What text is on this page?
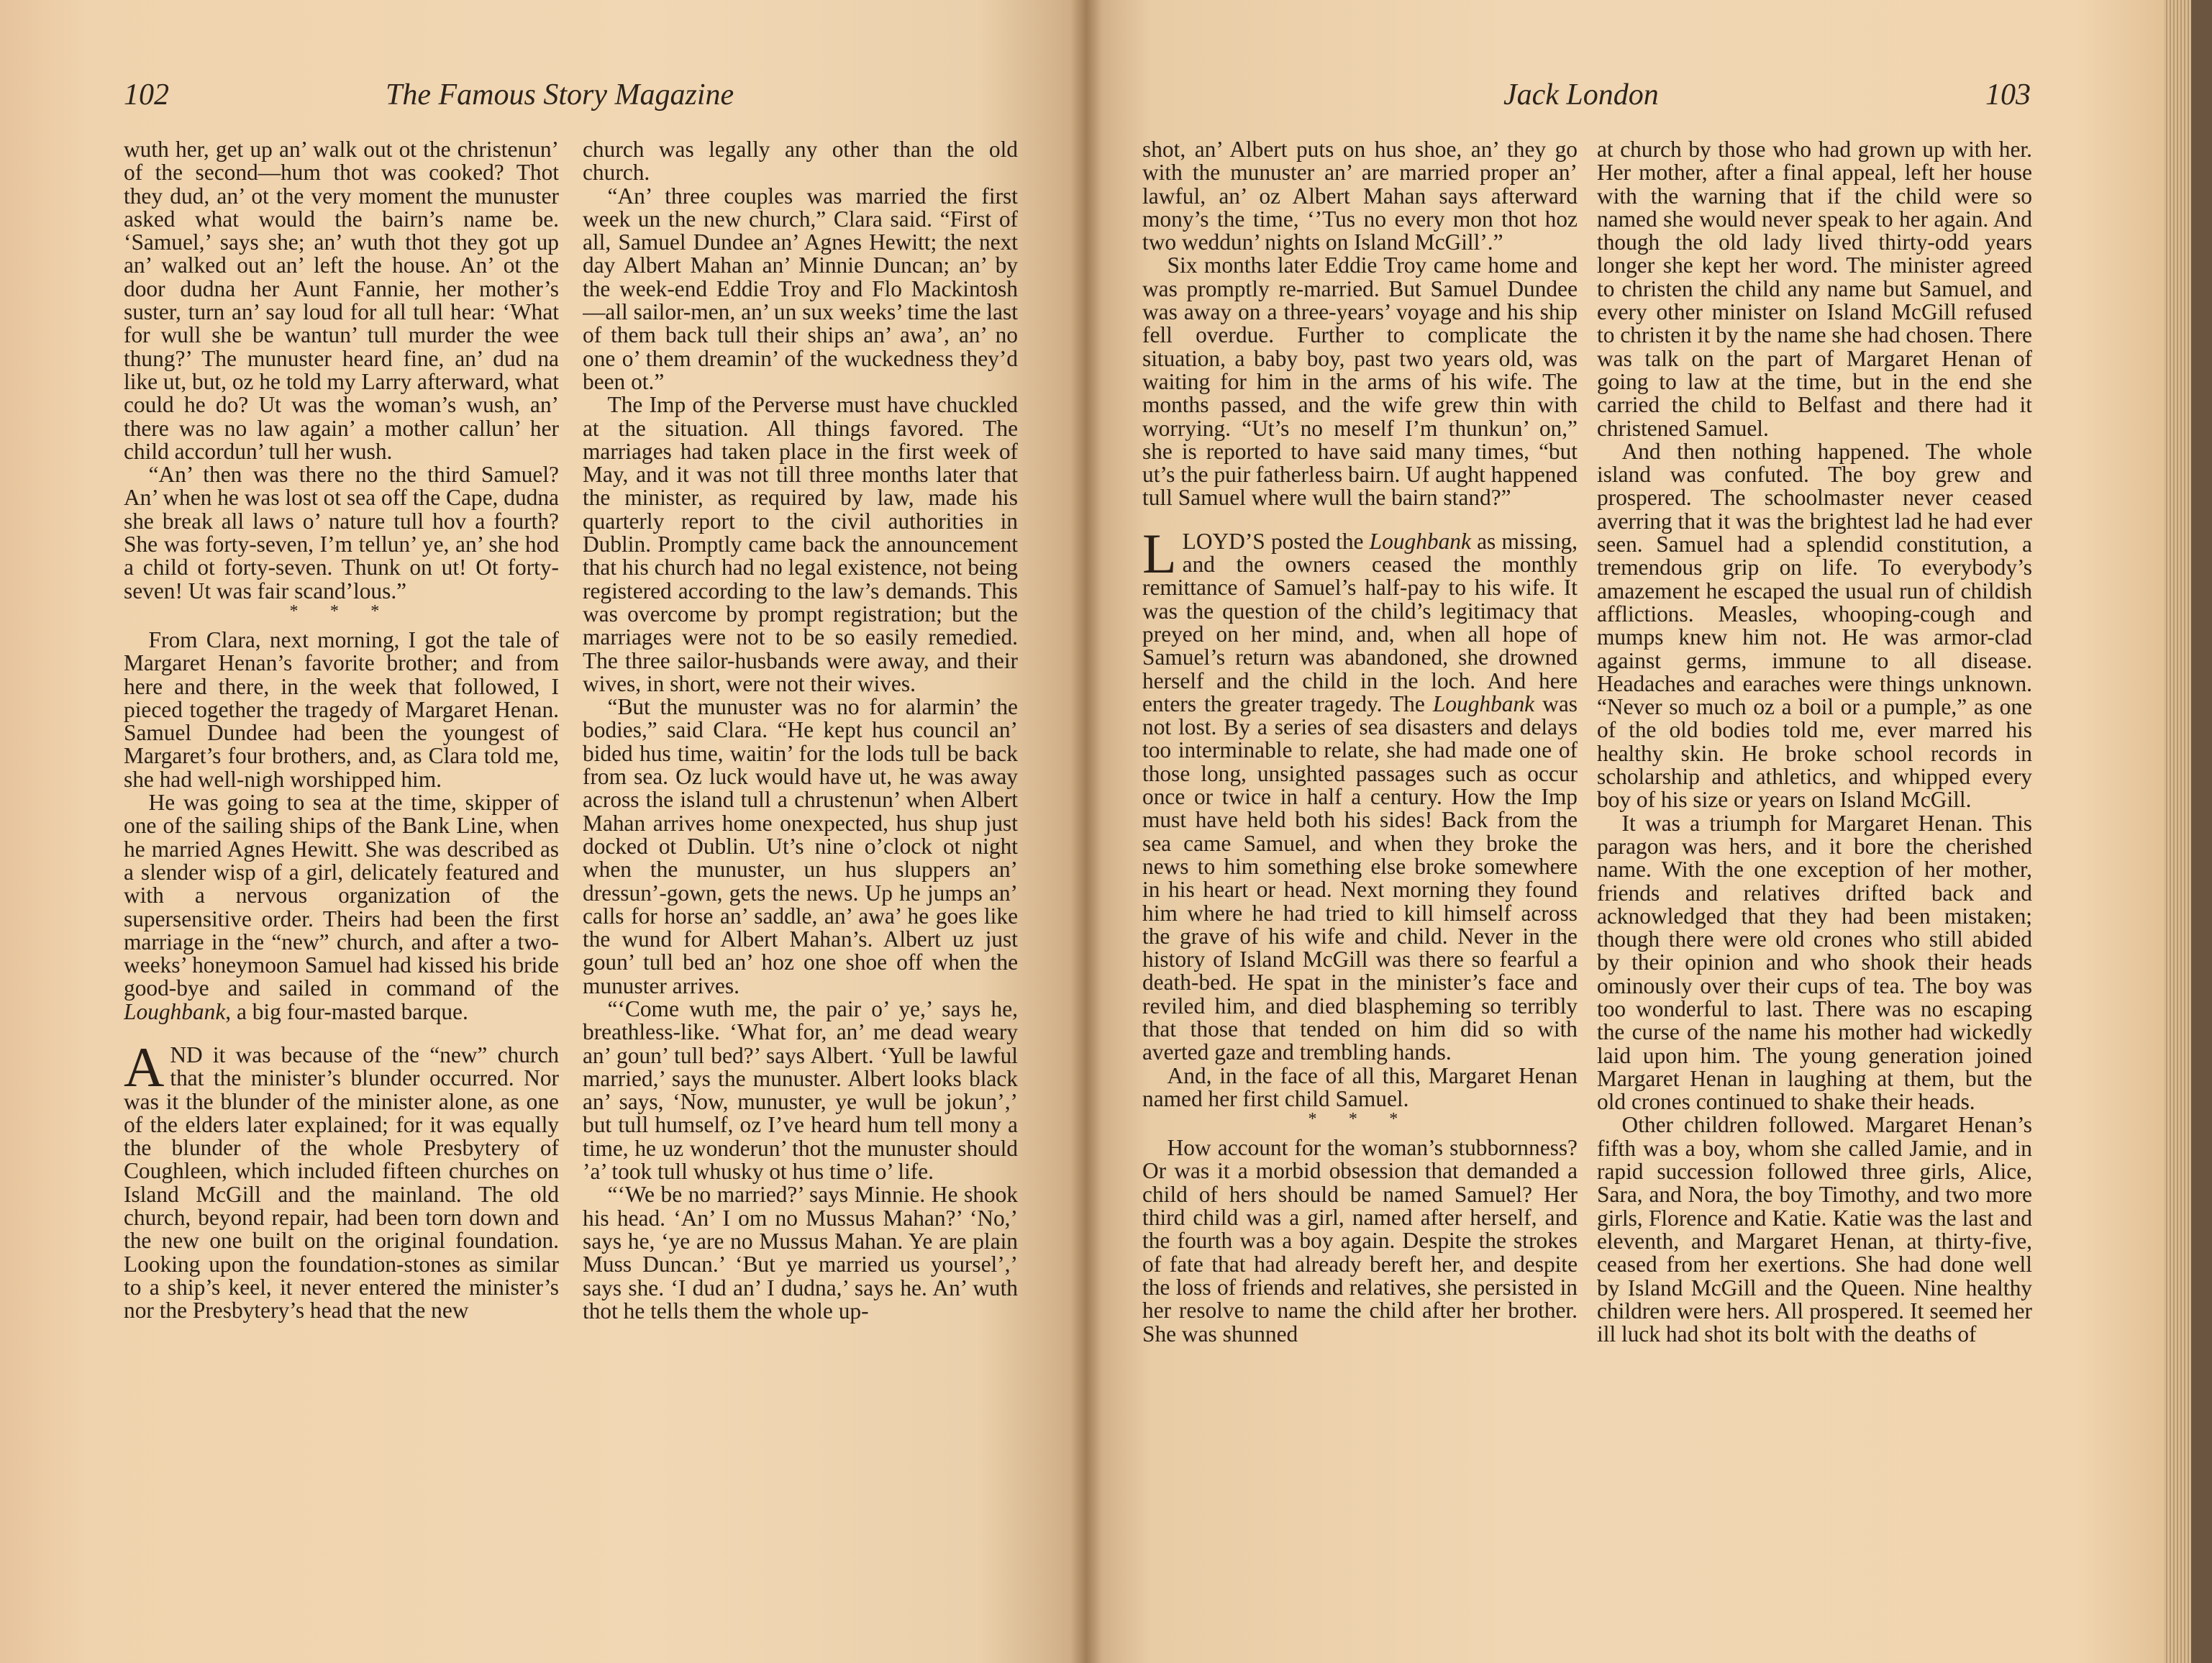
102	The Famous Story Magazine

wuth her, get up an’ walk out ot the christenun’ of the second—hum thot was cooked? Thot they dud, an’ ot the very moment the munuster asked what would the bairn’s name be. ‘Samuel,’ says she; an’ wuth thot they got up an’ walked out an’ left the house. An’ ot the door dudna her Aunt Fannie, her mother’s suster, turn an’ say loud for all tull hear: ‘What for wull she be wantun’ tull murder the wee thung?’ The munuster heard fine, an’ dud na like ut, but, oz he told my Larry afterward, what could he do? Ut was the woman’s wush, an’ there was no law again’ a mother callun’ her child accordun’ tull her wush.

“An’ then was there no the third Samuel? An’ when he was lost ot sea off the Cape, dudna she break all laws o’ nature tull hov a fourth? She was forty-seven, I’m tellun’ ye, an’ she hod a child ot forty-seven. Thunk on ut! Ot forty-seven! Ut was fair scand’lous.”

* * *

From Clara, next morning, I got the tale of Margaret Henan’s favorite brother; and from here and there, in the week that followed, I pieced together the tragedy of Margaret Henan. Samuel Dundee had been the youngest of Margaret’s four brothers, and, as Clara told me, she had well-nigh worshipped him.

He was going to sea at the time, skipper of one of the sailing ships of the Bank Line, when he married Agnes Hewitt. She was described as a slender wisp of a girl, delicately featured and with a nervous organization of the supersensitive order. Theirs had been the first marriage in the “new” church, and after a two-weeks’ honeymoon Samuel had kissed his bride good-bye and sailed in command of the Loughbank, a big four-masted barque.

AND it was because of the “new” church that the minister’s blunder occurred. Nor was it the blunder of the minister alone, as one of the elders later explained; for it was equally the blunder of the whole Presbytery of Coughleen, which included fifteen churches on Island McGill and the mainland. The old church, beyond repair, had been torn down and the new one built on the original foundation. Looking upon the foundation-stones as similar to a ship’s keel, it never entered the minister’s nor the Presbytery’s head that the new

church was legally any other than the old church.

“An’ three couples was married the first week un the new church,” Clara said. “First of all, Samuel Dundee an’ Agnes Hewitt; the next day Albert Mahan an’ Minnie Duncan; an’ by the week-end Eddie Troy and Flo Mackintosh—all sailor-men, an’ un sux weeks’ time the last of them back tull their ships an’ awa’, an’ no one o’ them dreamin’ of the wuckedness they’d been ot.”

The Imp of the Perverse must have chuckled at the situation. All things favored. The marriages had taken place in the first week of May, and it was not till three months later that the minister, as required by law, made his quarterly report to the civil authorities in Dublin. Promptly came back the announcement that his church had no legal existence, not being registered according to the law’s demands. This was overcome by prompt registration; but the marriages were not to be so easily remedied. The three sailor-husbands were away, and their wives, in short, were not their wives.

“But the munuster was no for alarmin’ the bodies,” said Clara. “He kept hus council an’ bided hus time, waitin’ for the lods tull be back from sea. Oz luck would have ut, he was away across the island tull a chrustenun’ when Albert Mahan arrives home onexpected, hus shup just docked ot Dublin. Ut’s nine o’clock ot night when the munuster, un hus sluppers an’ dressun’-gown, gets the news. Up he jumps an’ calls for horse an’ saddle, an’ awa’ he goes like the wund for Albert Mahan’s. Albert uz just goun’ tull bed an’ hoz one shoe off when the munuster arrives.

“‘Come wuth me, the pair o’ ye,’ says he, breathless-like. ‘What for, an’ me dead weary an’ goun’ tull bed?’ says Albert. ‘Yull be lawful married,’ says the munuster. Albert looks black an’ says, ‘Now, munuster, ye wull be jokun’,’ but tull humself, oz I’ve heard hum tell mony a time, he uz wonderun’ thot the munuster should ’a’ took tull whusky ot hus time o’ life.

“‘We be no married?’ says Minnie. He shook his head. ‘An’ I om no Mussus Mahan?’ ‘No,’ says he, ‘ye are no Mussus Mahan. Ye are plain Muss Duncan.’ ‘But ye married us yoursel’,’ says she. ‘I dud an’ I dudna,’ says he. An’ wuth thot he tells them the whole up-

Jack London	103

shot, an’ Albert puts on hus shoe, an’ they go with the munuster an’ are married proper an’ lawful, an’ oz Albert Mahan says afterward mony’s the time, ‘’Tus no every mon thot hoz two weddun’ nights on Island McGill’.”

Six months later Eddie Troy came home and was promptly re-married. But Samuel Dundee was away on a three-years’ voyage and his ship fell overdue. Further to complicate the situation, a baby boy, past two years old, was waiting for him in the arms of his wife. The months passed, and the wife grew thin with worrying. “Ut’s no meself I’m thunkun’ on,” she is reported to have said many times, “but ut’s the puir fatherless bairn. Uf aught happened tull Samuel where wull the bairn stand?”

LLOYD’S posted the Loughbank as missing, and the owners ceased the monthly remittance of Samuel’s half-pay to his wife. It was the question of the child’s legitimacy that preyed on her mind, and, when all hope of Samuel’s return was abandoned, she drowned herself and the child in the loch. And here enters the greater tragedy. The Loughbank was not lost. By a series of sea disasters and delays too interminable to relate, she had made one of those long, unsighted passages such as occur once or twice in half a century. How the Imp must have held both his sides! Back from the sea came Samuel, and when they broke the news to him something else broke somewhere in his heart or head. Next morning they found him where he had tried to kill himself across the grave of his wife and child. Never in the history of Island McGill was there so fearful a death-bed. He spat in the minister’s face and reviled him, and died blaspheming so terribly that those that tended on him did so with averted gaze and trembling hands.

And, in the face of all this, Margaret Henan named her first child Samuel.

* * *

How account for the woman’s stubbornness? Or was it a morbid obsession that demanded a child of hers should be named Samuel? Her third child was a girl, named after herself, and the fourth was a boy again. Despite the strokes of fate that had already bereft her, and despite the loss of friends and relatives, she persisted in her resolve to name the child after her brother. She was shunned

at church by those who had grown up with her. Her mother, after a final appeal, left her house with the warning that if the child were so named she would never speak to her again. And though the old lady lived thirty-odd years longer she kept her word. The minister agreed to christen the child any name but Samuel, and every other minister on Island McGill refused to christen it by the name she had chosen. There was talk on the part of Margaret Henan of going to law at the time, but in the end she carried the child to Belfast and there had it christened Samuel.

And then nothing happened. The whole island was confuted. The boy grew and prospered. The schoolmaster never ceased averring that it was the brightest lad he had ever seen. Samuel had a splendid constitution, a tremendous grip on life. To everybody’s amazement he escaped the usual run of childish afflictions. Measles, whooping-cough and mumps knew him not. He was armor-clad against germs, immune to all disease. Headaches and earaches were things unknown. “Never so much oz a boil or a pumple,” as one of the old bodies told me, ever marred his healthy skin. He broke school records in scholarship and athletics, and whipped every boy of his size or years on Island McGill.

It was a triumph for Margaret Henan. This paragon was hers, and it bore the cherished name. With the one exception of her mother, friends and relatives drifted back and acknowledged that they had been mistaken; though there were old crones who still abided by their opinion and who shook their heads ominously over their cups of tea. The boy was too wonderful to last. There was no escaping the curse of the name his mother had wickedly laid upon him. The young generation joined Margaret Henan in laughing at them, but the old crones continued to shake their heads.

Other children followed. Margaret Henan’s fifth was a boy, whom she called Jamie, and in rapid succession followed three girls, Alice, Sara, and Nora, the boy Timothy, and two more girls, Florence and Katie. Katie was the last and eleventh, and Margaret Henan, at thirty-five, ceased from her exertions. She had done well by Island McGill and the Queen. Nine healthy children were hers. All prospered. It seemed her ill luck had shot its bolt with the deaths of
